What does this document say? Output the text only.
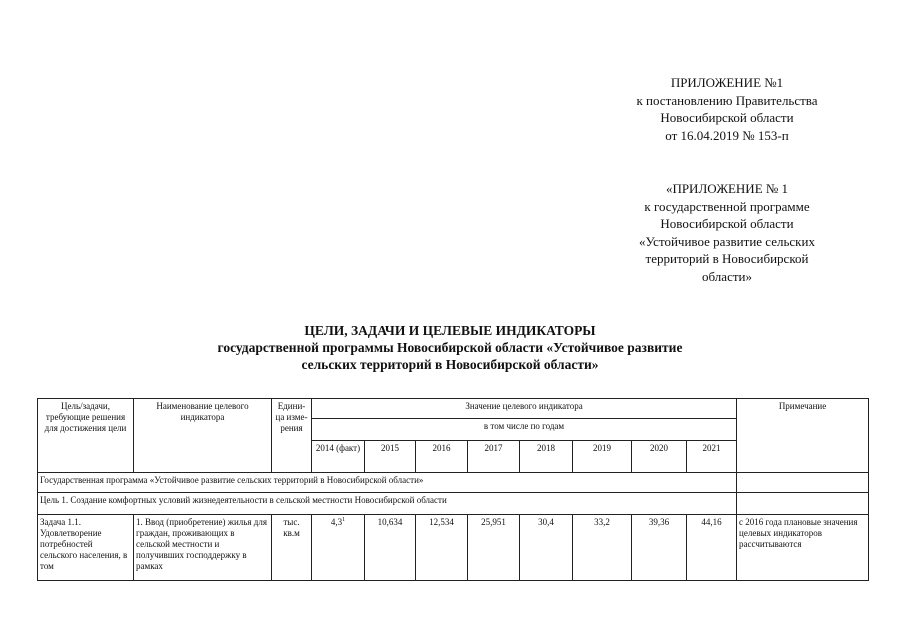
ПРИЛОЖЕНИЕ №1
к постановлению Правительства
Новосибирской области
от 16.04.2019 № 153-п
«ПРИЛОЖЕНИЕ № 1
к государственной программе
Новосибирской области
«Устойчивое развитие сельских
территорий в Новосибирской
области»
ЦЕЛИ, ЗАДАЧИ И ЦЕЛЕВЫЕ ИНДИКАТОРЫ
государственной программы Новосибирской области «Устойчивое развитие
сельских территорий в Новосибирской области»
Цель/задачи, требующие решения для достижения цели	Наименование целевого индикатора	Едини-ца изме-рения	Значение целевого индикатора								Примечание
			в том числе по годам								
			2014 (факт)	2015	2016	2017	2018	2019	2020	2021	
Государственная программа «Устойчивое развитие сельских территорий в Новосибирской области»											
Цель 1. Создание комфортных условий жизнедеятельности в сельской местности Новосибирской области											
Задача 1.1. Удовлетворение потребностей сельского населения, в том	1. Ввод (приобретение) жилья для граждан, проживающих в сельской местности и получивших господдержку в рамках	тыс. кв.м	$4,3^1$	10,634	12,534	25,951	30,4	33,2	39,36	44,16	с 2016 года плановые значения целевых индикаторов рассчитываются
